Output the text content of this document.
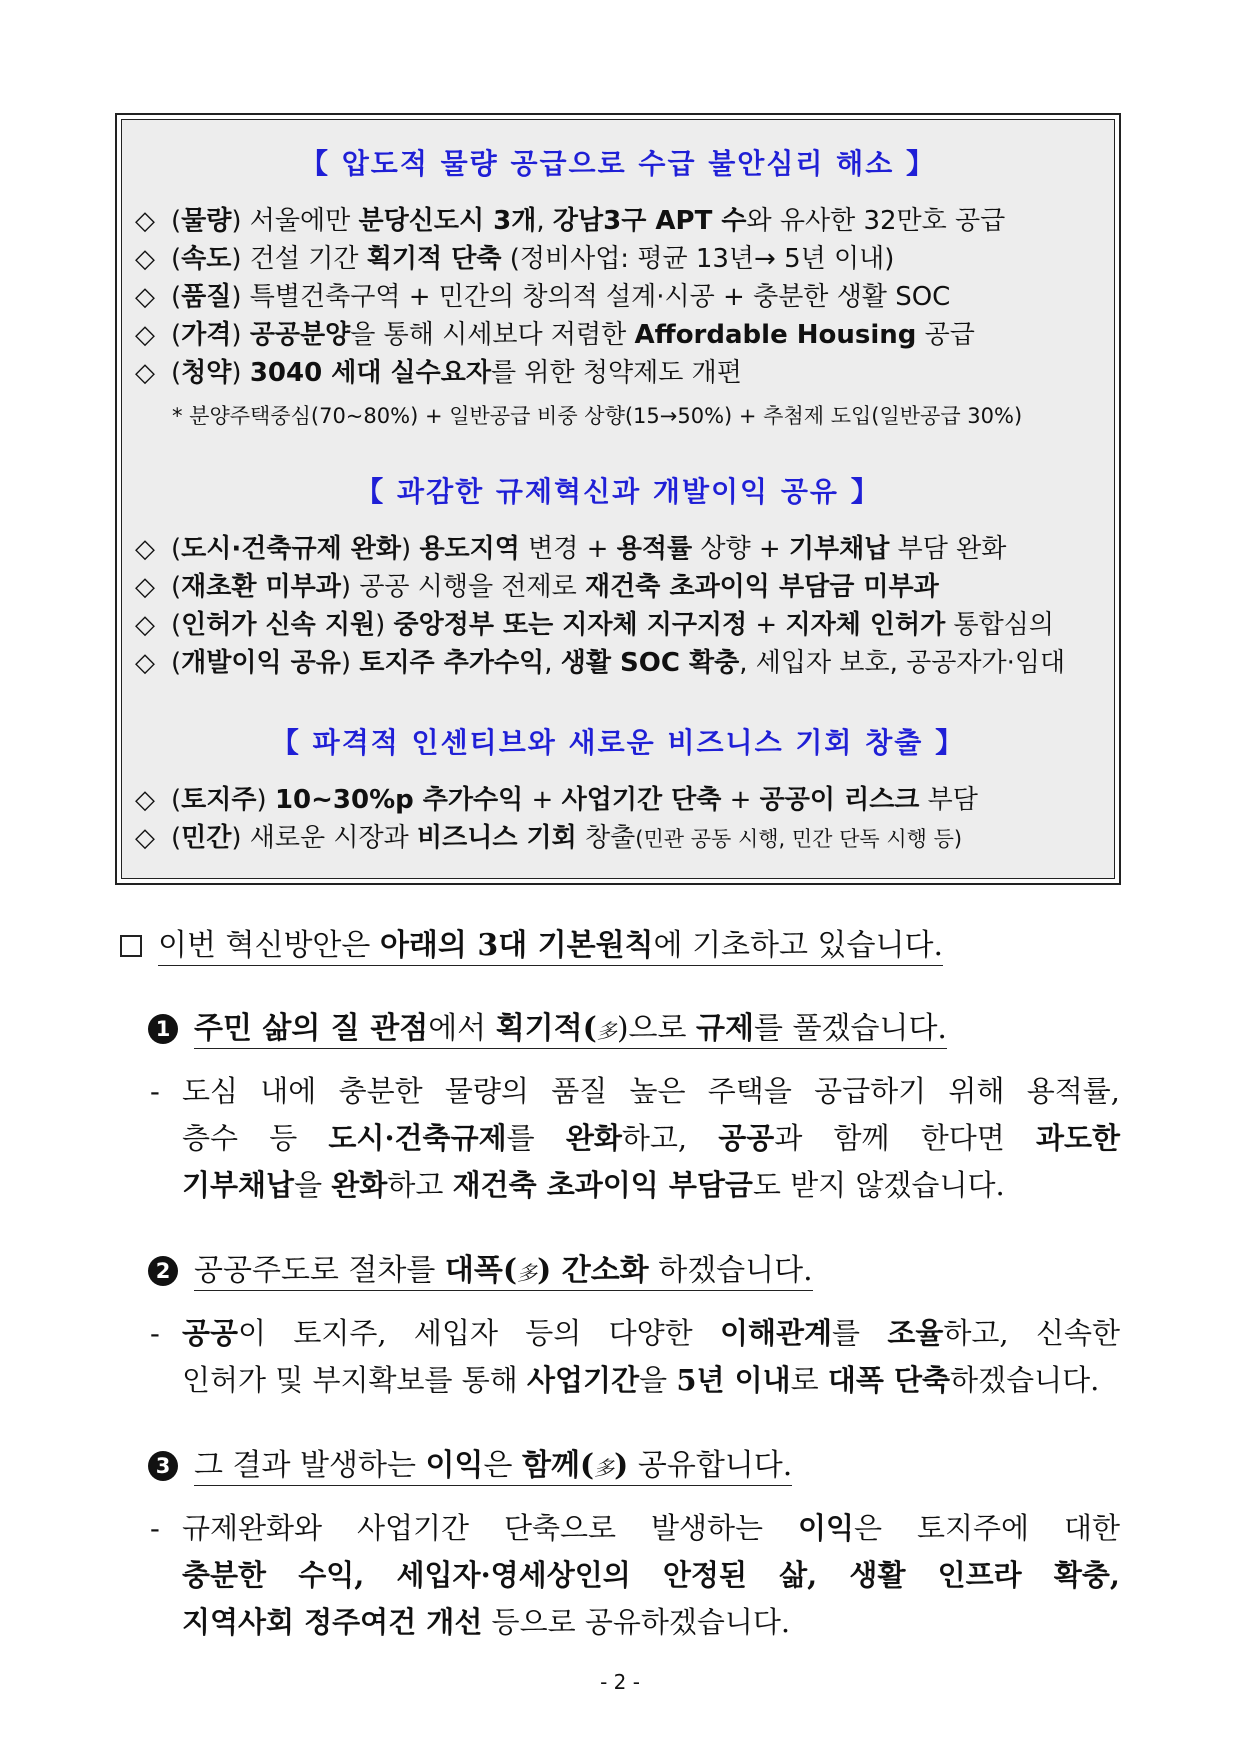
【 압도적 물량 공급으로 수급 불안심리 해소 】
◇ (물량) 서울에만 분당신도시 3개, 강남3구 APT 수와 유사한 32만호 공급
◇ (속도) 건설 기간 획기적 단축 (정비사업: 평균 13년→ 5년 이내)
◇ (품질) 특별건축구역 + 민간의 창의적 설계·시공 + 충분한 생활 SOC
◇ (가격) 공공분양을 통해 시세보다 저렴한 Affordable Housing 공급
◇ (청약) 3040 세대 실수요자를 위한 청약제도 개편
* 분양주택중심(70~80%) + 일반공급 비중 상향(15→50%) + 추첨제 도입(일반공급 30%)
【 과감한 규제혁신과 개발이익 공유 】
◇ (도시·건축규제 완화) 용도지역 변경 + 용적률 상향 + 기부채납 부담 완화
◇ (재초환 미부과) 공공 시행을 전제로 재건축 초과이익 부담금 미부과
◇ (인허가 신속 지원) 중앙정부 또는 지자체 지구지정 + 지자체 인허가 통합심의
◇ (개발이익 공유) 토지주 추가수익, 생활 SOC 확충, 세입자 보호, 공공자가·임대
【 파격적 인센티브와 새로운 비즈니스 기회 창출 】
◇ (토지주) 10~30%p 추가수익 + 사업기간 단축 + 공공이 리스크 부담
◇ (민간) 새로운 시장과 비즈니스 기회 창출(민관 공동 시행, 민간 단독 시행 등)
이번 혁신방안은 아래의 3대 기본원칙에 기초하고 있습니다.
1 주민 삶의 질 관점에서 획기적(多)으로 규제를 풀겠습니다.
- 도심 내에 충분한 물량의 품질 높은 주택을 공급하기 위해 용적률,
층수 등 도시·건축규제를 완화하고, 공공과 함께 한다면 과도한
기부채납을 완화하고 재건축 초과이익 부담금도 받지 않겠습니다.
2 공공주도로 절차를 대폭(多) 간소화 하겠습니다.
- 공공이 토지주, 세입자 등의 다양한 이해관계를 조율하고, 신속한
인허가 및 부지확보를 통해 사업기간을 5년 이내로 대폭 단축하겠습니다.
3 그 결과 발생하는 이익은 함께(多) 공유합니다.
- 규제완화와 사업기간 단축으로 발생하는 이익은 토지주에 대한
충분한 수익, 세입자·영세상인의 안정된 삶, 생활 인프라 확충,
지역사회 정주여건 개선 등으로 공유하겠습니다.
- 2 -
